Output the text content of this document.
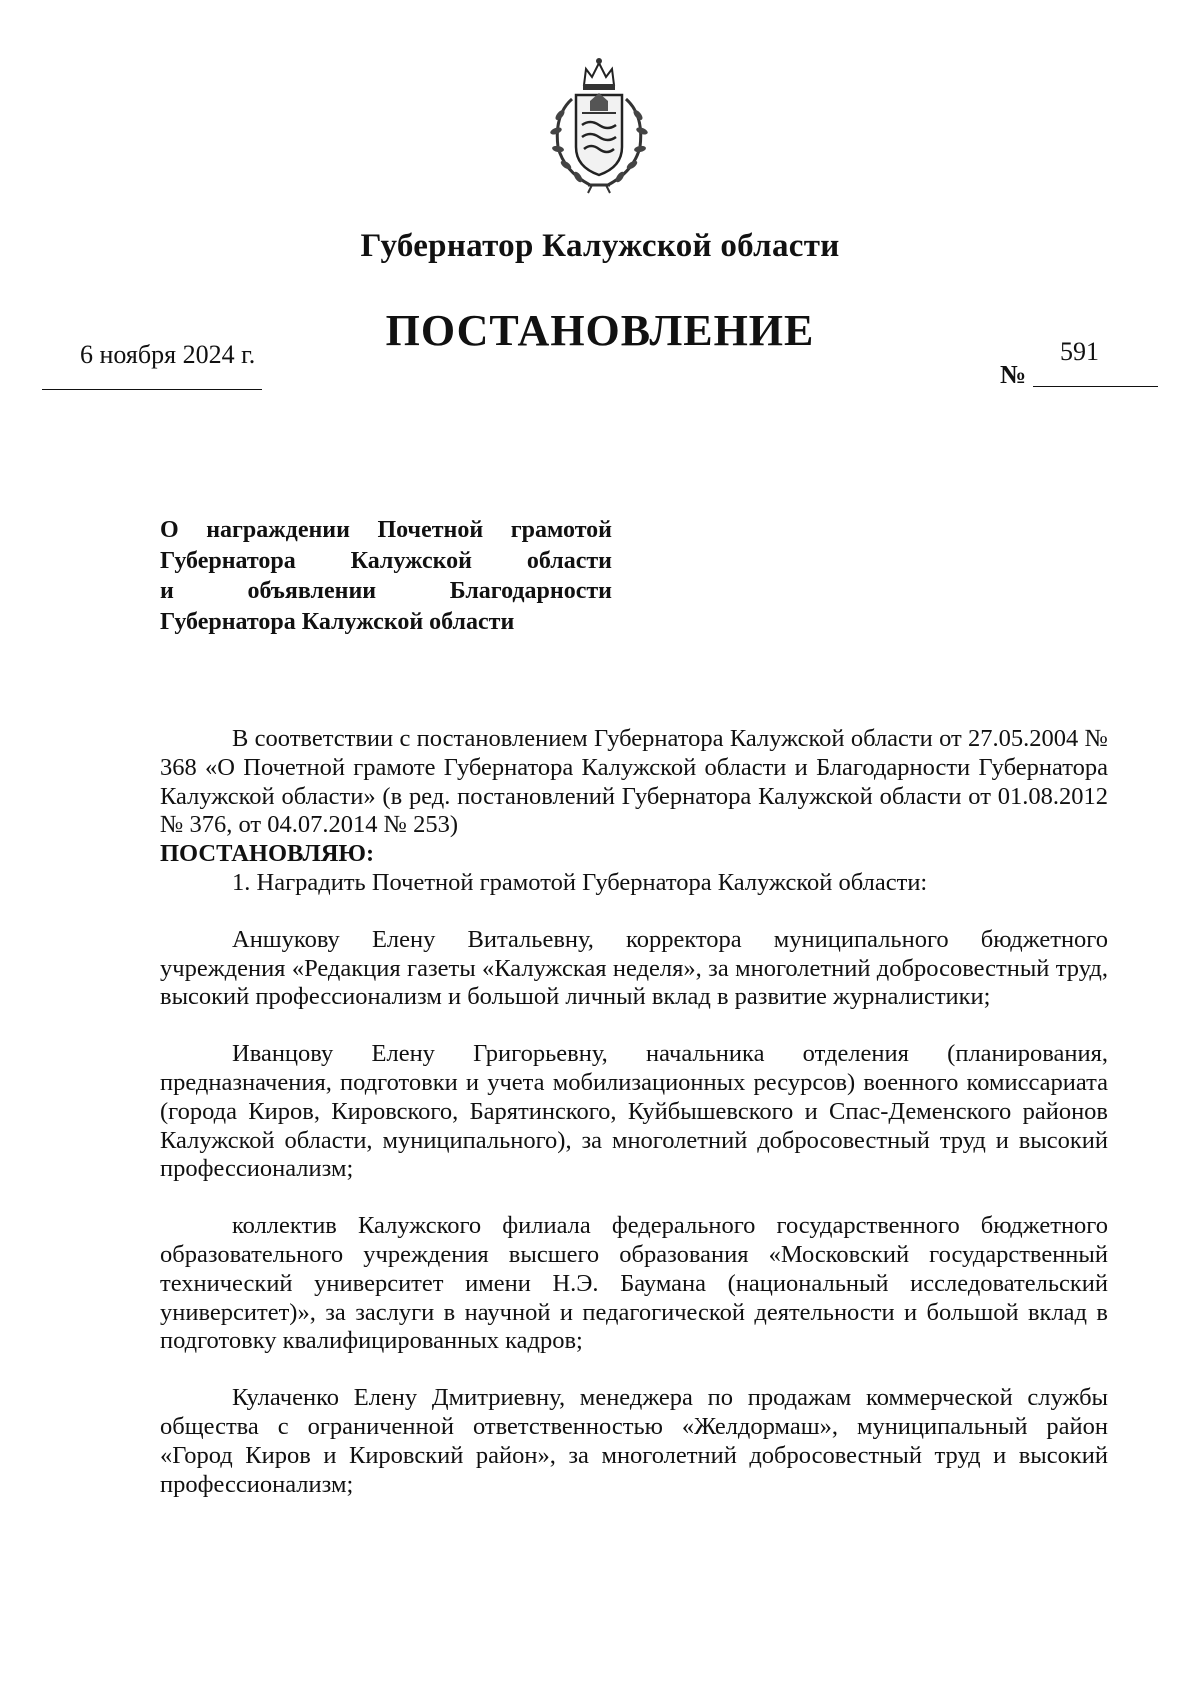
Губернатор Калужской области
ПОСТАНОВЛЕНИЕ
6 ноября 2024 г.
№
591
О награждении Почетной грамотой
Губернатора Калужской области
и объявлении Благодарности
Губернатора Калужской области

В соответствии с постановлением Губернатора Калужской области от 27.05.2004 № 368 «О Почетной грамоте Губернатора Калужской области и Благодарности Губернатора Калужской области» (в ред. постановлений Губернатора Калужской области от 01.08.2012 № 376, от 04.07.2014 № 253)

ПОСТАНОВЛЯЮ:

1. Наградить Почетной грамотой Губернатора Калужской области:

Аншукову Елену Витальевну, корректора муниципального бюджетного учреждения «Редакция газеты «Калужская неделя», за многолетний добросовестный труд, высокий профессионализм и большой личный вклад в развитие журналистики;

Иванцову Елену Григорьевну, начальника отделения (планирования, предназначения, подготовки и учета мобилизационных ресурсов) военного комиссариата (города Киров, Кировского, Барятинского, Куйбышевского и Спас-Деменского районов Калужской области, муниципального), за многолетний добросовестный труд и высокий профессионализм;

коллектив Калужского филиала федерального государственного бюджетного образовательного учреждения высшего образования «Московский государственный технический университет имени Н.Э. Баумана (национальный исследовательский университет)», за заслуги в научной и педагогической деятельности и большой вклад в подготовку квалифицированных кадров;

Кулаченко Елену Дмитриевну, менеджера по продажам коммерческой службы общества с ограниченной ответственностью «Желдормаш», муниципальный район «Город Киров и Кировский район», за многолетний добросовестный труд и высокий профессионализм;
